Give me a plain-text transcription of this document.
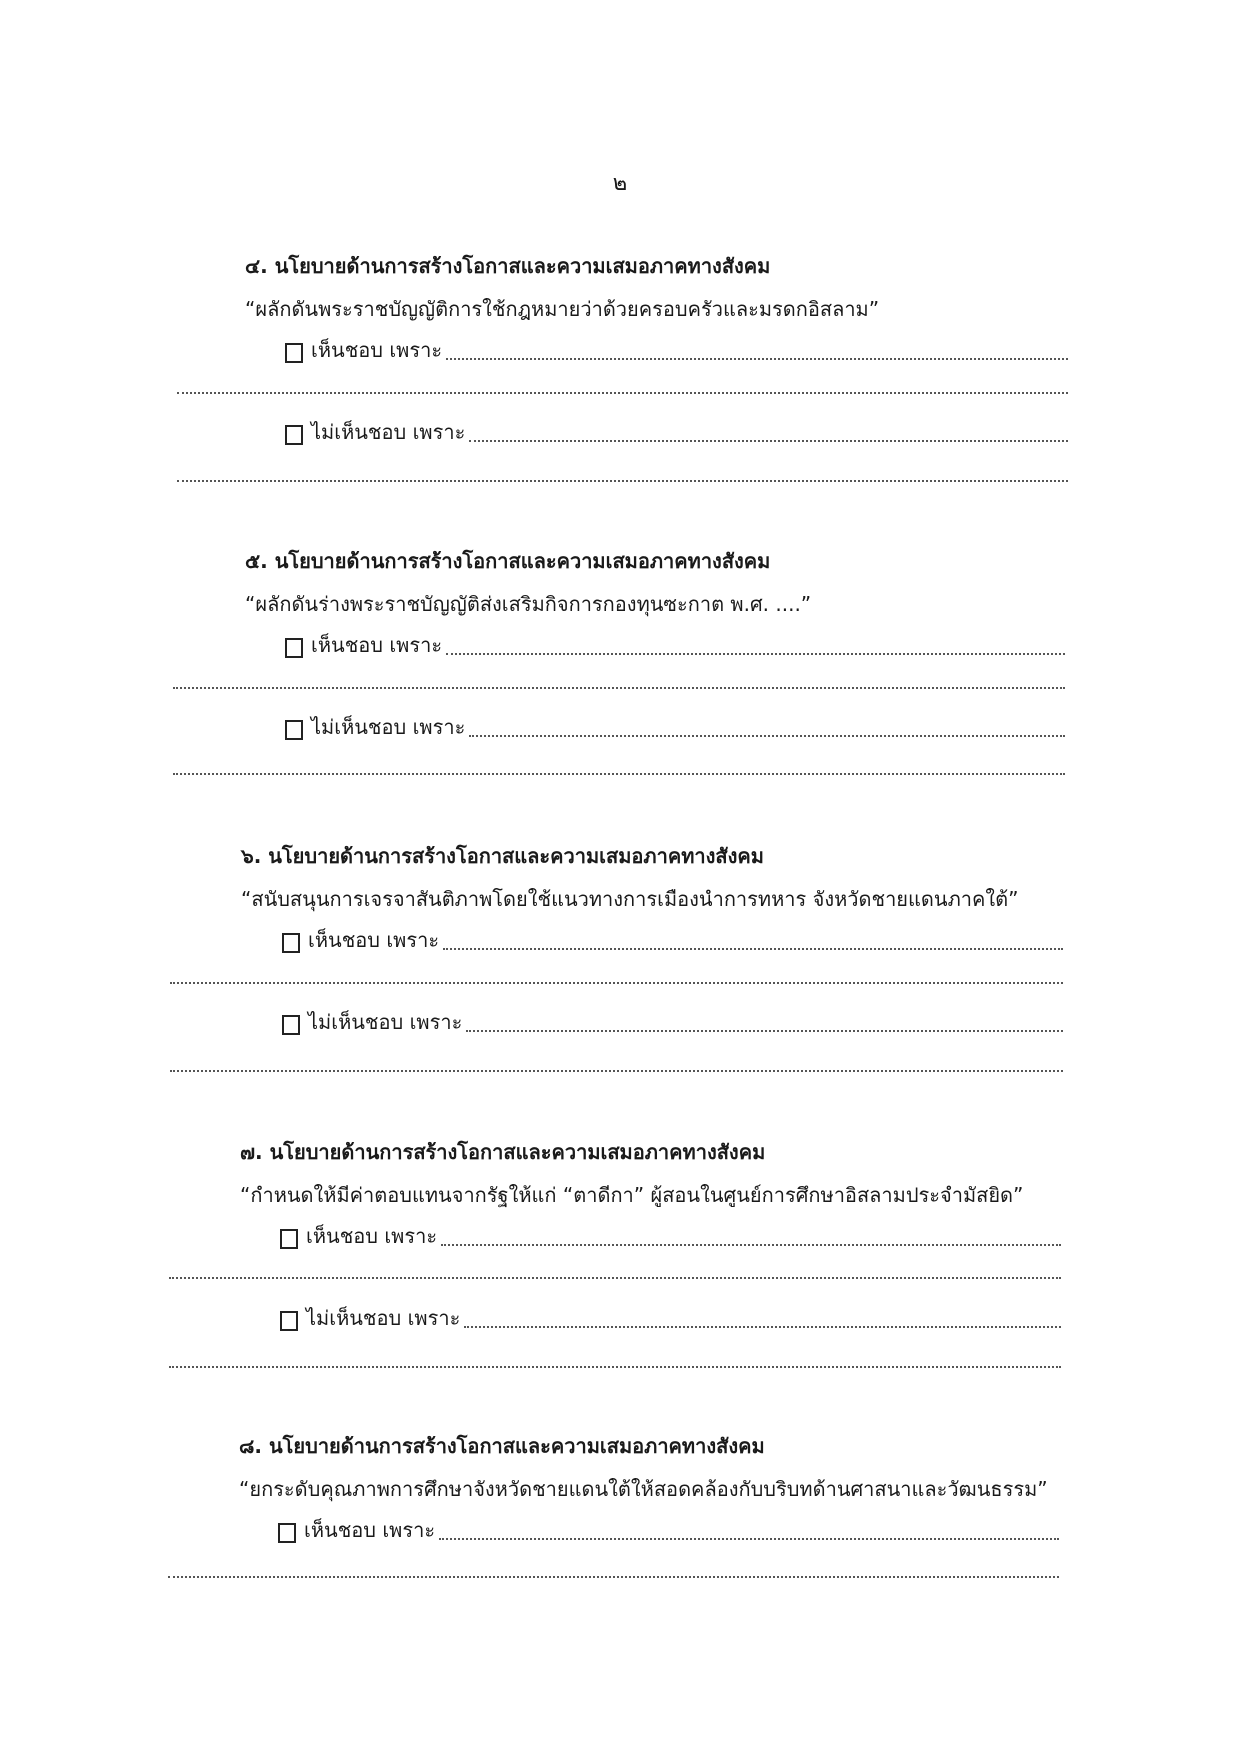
๒
๔. นโยบายด้านการสร้างโอกาสและความเสมอภาคทางสังคม
“ผลักดันพระราชบัญญัติการใช้กฎหมายว่าด้วยครอบครัวและมรดกอิสลาม”
เห็นชอบ เพราะ
ไม่เห็นชอบ เพราะ
๕. นโยบายด้านการสร้างโอกาสและความเสมอภาคทางสังคม
“ผลักดันร่างพระราชบัญญัติส่งเสริมกิจการกองทุนซะกาต พ.ศ. ....”
เห็นชอบ เพราะ
ไม่เห็นชอบ เพราะ
๖. นโยบายด้านการสร้างโอกาสและความเสมอภาคทางสังคม
“สนับสนุนการเจรจาสันติภาพโดยใช้แนวทางการเมืองนำการทหาร จังหวัดชายแดนภาคใต้”
เห็นชอบ เพราะ
ไม่เห็นชอบ เพราะ
๗. นโยบายด้านการสร้างโอกาสและความเสมอภาคทางสังคม
“กำหนดให้มีค่าตอบแทนจากรัฐให้แก่ “ตาดีกา” ผู้สอนในศูนย์การศึกษาอิสลามประจำมัสยิด”
เห็นชอบ เพราะ
ไม่เห็นชอบ เพราะ
๘. นโยบายด้านการสร้างโอกาสและความเสมอภาคทางสังคม
“ยกระดับคุณภาพการศึกษาจังหวัดชายแดนใต้ให้สอดคล้องกับบริบทด้านศาสนาและวัฒนธรรม”
เห็นชอบ เพราะ
